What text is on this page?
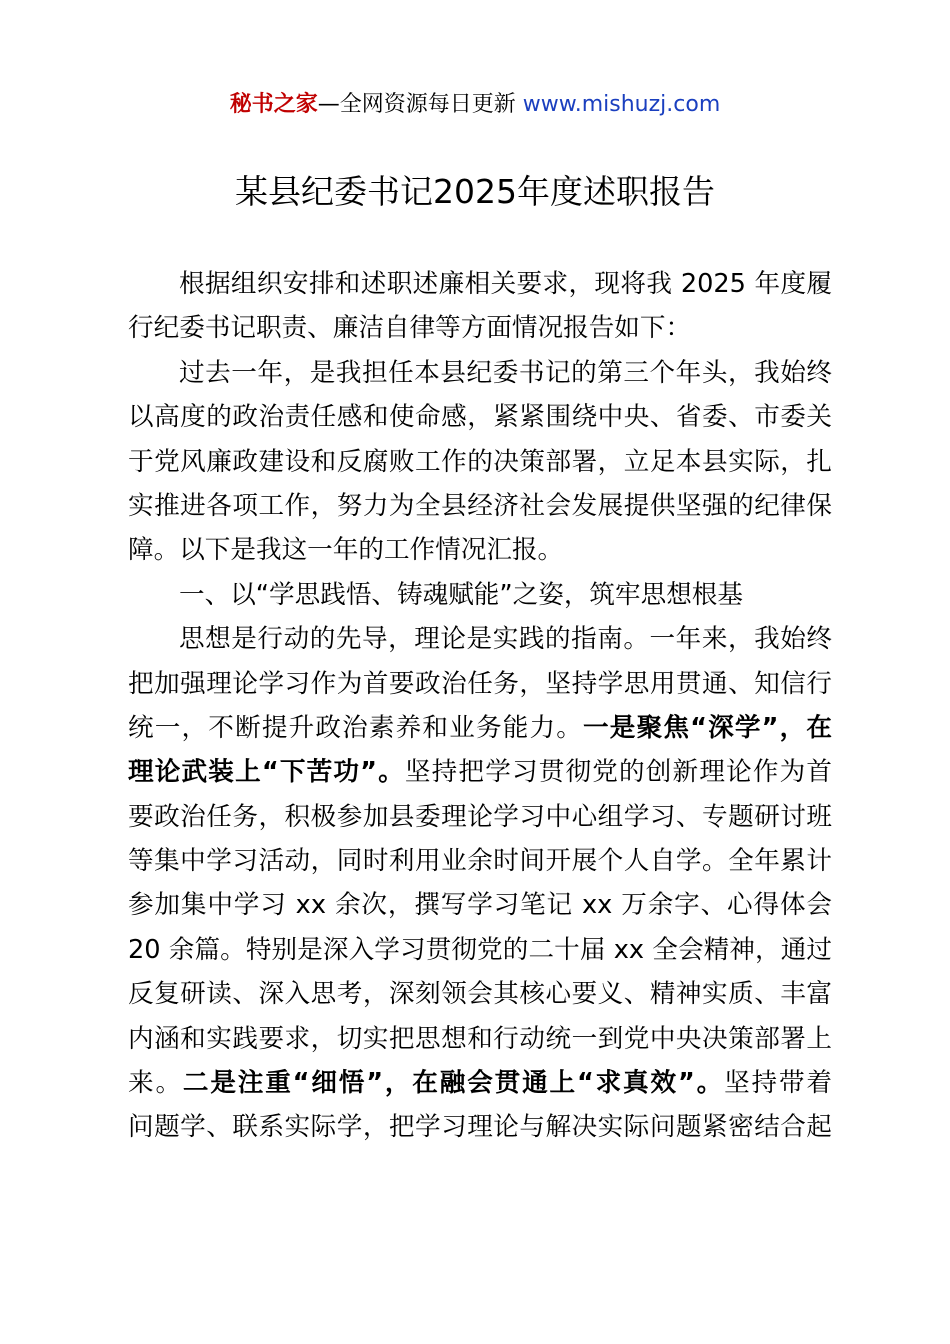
秘书之家—全网资源每日更新 www.mishuzj.com
某县纪委书记2025年度述职报告
根据组织安排和述职述廉相关要求，现将我 2025 年度履
行纪委书记职责、廉洁自律等方面情况报告如下：
过去一年，是我担任本县纪委书记的第三个年头，我始终
以高度的政治责任感和使命感，紧紧围绕中央、省委、市委关
于党风廉政建设和反腐败工作的决策部署，立足本县实际，扎
实推进各项工作，努力为全县经济社会发展提供坚强的纪律保
障。以下是我这一年的工作情况汇报。
一、以“学思践悟、铸魂赋能”之姿，筑牢思想根基
思想是行动的先导，理论是实践的指南。一年来，我始终
把加强理论学习作为首要政治任务，坚持学思用贯通、知信行
统一，不断提升政治素养和业务能力。一是聚焦“深学”，在
理论武装上“下苦功”。坚持把学习贯彻党的创新理论作为首
要政治任务，积极参加县委理论学习中心组学习、专题研讨班
等集中学习活动，同时利用业余时间开展个人自学。全年累计
参加集中学习 xx 余次，撰写学习笔记 xx 万余字、心得体会
20 余篇。特别是深入学习贯彻党的二十届 xx 全会精神，通过
反复研读、深入思考，深刻领会其核心要义、精神实质、丰富
内涵和实践要求，切实把思想和行动统一到党中央决策部署上
来。二是注重“细悟”，在融会贯通上“求真效”。坚持带着
问题学、联系实际学，把学习理论与解决实际问题紧密结合起
